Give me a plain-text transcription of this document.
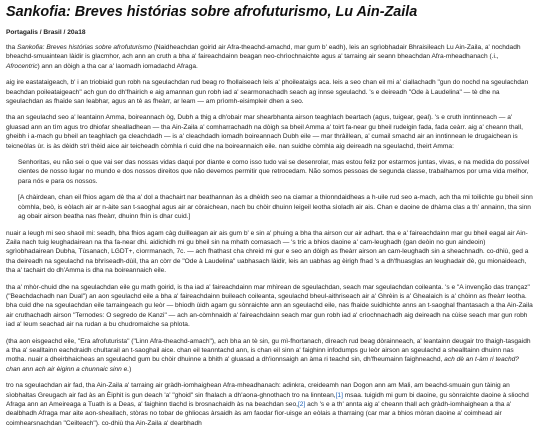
Sankofia: Breves histórias sobre afrofuturismo, Lu Ain-Zaila
Portagalis / Brasil / 20a18

tha Sankofia: Breves histórias sobre afrofuturismo (Naidheachdan goirid air Afra-theachd-amachd, mar gum b' eadh), leis an sgrìobhadair Bhraisileach Lu Ain-Zaila, a' nochdadh bheachd-smuaintean làidir is glacmhor, ach ann an cruth a bha a' faireachdainn beagan neo-chrìochnaichte agus a' tarraing air seann bheachdan Afra-mheadhanach (.i., Afrocentric) ann an dòigh a tha car a' laomadh iomadachd Afraga.

aig ire eastataigeach, b' i an triobiaid gun robh na sgeulachdan rud beag ro fhollaiseach leis a' phoileataigs aca. leis a seo chan eil mi a' ciallachadh "gun do nochd na sgeulachdan beachdan poileataigeach" ach gun do dh'fhairich e aig amannan gun robh iad a' searmonachadh seach ag innse sgeulachd. 's e deireadh "Ode à Laudelina" — tè dhe na sgeulachdan as fhaide san leabhar, agus an tè as fheàrr, ar leam — am prìomh-eisimpleir dhen a seo.

tha an sgeulachd seo a' leantainn Amma, boireannach òg, Dubh a thig a dh'obair mar shearbhanta airson teaghlach beartach (agus, tuigear, geal). 's e cruth inntinneach — a' gluasad ann an tìm agus tro dhiofar shealladhean — tha Ain-Zaila a' comharrachadh na dòigh sa bheil Amma a' toirt fa-near gu bheil rudeigin fada, fada ceàrr. aig a' cheann thall, gheibh i a-mach gu bheil an teaghlach ga cleachdadh — is a' cleachdadh iomadh boireannach Dubh eile — mar thràillean, a' cumail smachd air an inntinnean le drugaichean is teicneòlas ùr. is às dèidh strì thèid aice air teicheadh còmhla ri cuid dhe na boireannaich eile. nan suidhe còmhla aig deireadh na sgeulachd, theirt Amma:

Senhoritas, eu não sei o que vai ser das nossas vidas daqui por diante e como isso tudo vai se desenrolar, mas estou feliz por estarmos juntas, vivas, e na medida do possível cientes de nosso lugar no mundo e dos nossos direitos que não devemos permitir que retrocedam. Não somos pessoas de segunda classe, trabalhamos por uma vida melhor, para nós e para os nossos.

[A chàirdean, chan eil fhios agam dè tha a' dol a thachairt nar beathannan às a dhèidh seo na ciamar a thionndaidheas a h-uile rud seo a-mach, ach tha mi toilichte gu bheil sinn còmhla, beò, is eòlach air ar n-àite san t-saoghal agus air ar còraichean, nach bu chòir dhuinn leigeil leotha sìoladh air ais. Chan e daoine de dhàrna clas a th' annainn, tha sinn ag obair airson beatha nas fheàrr, dhuinn fhìn is dhar cuid.]

nuair a leugh mi seo shaoil mi: seadh, bha fhios agam càg duilleagan air ais gum b' e sin a' phuing a bha tha airson cur air adhart. tha e a' faireachdainn mar gu bheil eagal air Ain-Zaila nach tuig leughadairean na tha fa-near dhi. aidichidh mi gu bheil sin na mhath comasach — 's tric a bhios daoine a' cam-leughadh (gan deòin no gun aindeoin) sgrìobhadairean Dubha, Tùsanach, LGDT+, cìorrmanach, 7c. — ach fhathast cha chreid mi gur e seo an dòigh as fheàrr airson an cam-leughadh sin a sheachnadh. co-dhiù, ged a tha deireadh na sgeulachd na bhriseadh-dùil, tha an còrr de "Ode à Laudelina" uabhasach làidir, leis an uabhas ag èirigh fhad 's a dh'fhuasglas an leughadair dè, gu mionaideach, tha a' tachairt do dh'Amma is dha na boireannaich eile.

tha a' mhòr-chuid dhe na sgeulachdan eile gu math goirid, is tha iad a' faireachdainn mar mhìrean de sgeulachdan, seach mar sgeulachdan coileanta. 's e "A invenção das trançaz" ("Beachdachadh nan Dual") an aon sgeulachd eile a bha a' faireachdainn buileach coileanta, sgeulachd bheul-aithriseach air a' Ghrèin is a' Ghealaich is a' chòinn as fheàrr leotha. bha cuid dhe na sgeulachdan eile tarraingeach gu leòr — bhiodh ùidh agam gu sònraichte ann an sgeulachd eile, nas fhaide suidhichte anns an t-saoghal fhantasach a tha Ain-Zaila air cruthachadh airson "Ternodes: O segredo de Kanzi" — ach an-còmhnaidh a' faireachdainn seach mar gun robh iad a' crìochnachadh aig deireadh na cùise seach mar gun robh iad a' leum seachad air na rudan a bu chudromaiche sa phlota.

(tha aon eisgeachd eile, "Era afrofuturista" ("Linn Afra-theachd-amach"), ach bha an tè sin, gu mì-fhortanach, dìreach rud beag dòrainneach, a' leantainn deugair tro thaigh-tasgaidh a tha a' sealltainn eachdraidh chultarail an t-saoghail aice. chan eil teanntachd ann, is chan eil sinn a' faighinn infodumps gu leòr airson an sgeulachd a shealltainn dhuinn nas motha. nuair a dheirbhaicheas an sgeulachd gum bu chòir dhuinne a bhith a' gluasad a dh'ionnsaigh an àma ri teachd sin, dh'fheumainn faighneachd, ach dè an t-àm ri teachd? chan ann ach air èiginn a chunnaic sinn e.)

tro na sgeulachdan air fad, tha Ain-Zaila a' tarraing air gràdh-iomhaighean Afra-mheadhanach: adinkra, creideamh nan Dogon ann am Mali, am beachd-smuain gun tàinig an sìobhaltas Greugach air fad às an Èiphit is gun deach 'a' "ghoid" sin fhalach a dh'aona-ghnothach tro na linntean,[1] msaa. tuigidh mi gum bi daoine, gu sònraichte daoine à sliochd Afraga ann an Ameireaga a Tuath is a Deas, a' faighinn tlachd is brosnachaidh às na beachdan seo,[2] ach 's e a th' annta aig a' cheann thall ach gràdh-iomhaighean a tha a' dealbhadh Afraga mar aite aon-sheallach, stòras no tobar de ghliocas àrsaidh às am faodar fìor-uisge an eòlais a tharraing (car mar a bhios mòran daoine a' coimhead air coimhearsnachdan "Ceilteach"). co-dhiù tha Ain-Zaila a' dearbhadh
